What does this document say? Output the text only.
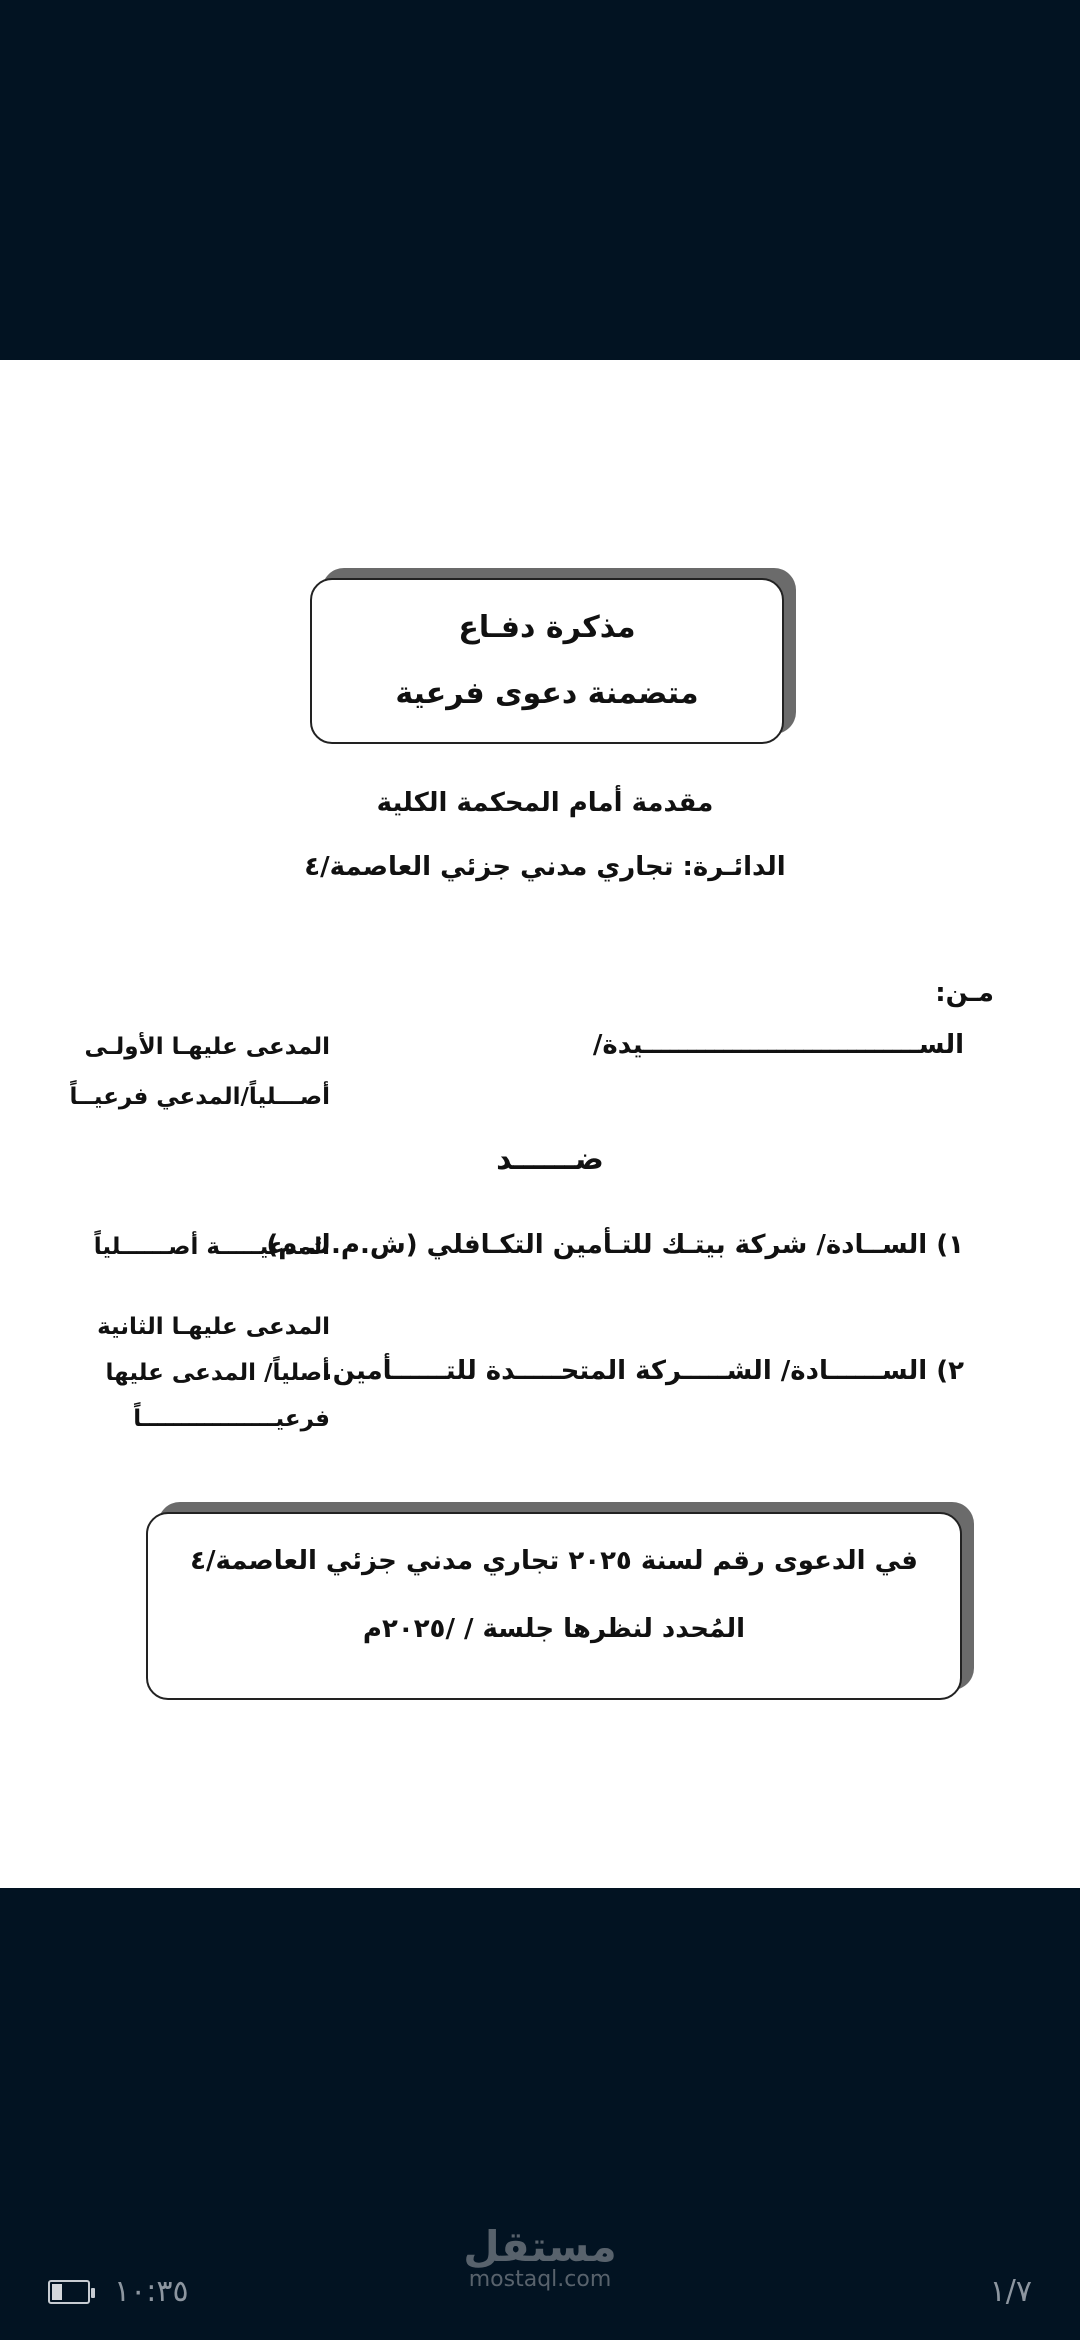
مذكرة دفـاع
متضمنة دعوى فرعية
مقدمة أمام المحكمة الكلية
الدائـرة: تجاري مدني جزئي العاصمة/٤
مـن:
الســـــــــــــــــــــــــــــــيدة/
المدعى عليهـا الأولـى
أصـــلياً/المدعي فرعيــاً
ضــــــد
١) الســادة/ شركة بيتـك للتـأمين التكـافلي (ش.م.ك.م)
المدعيـــــة أصــــــلياً
المدعى عليهـا الثانية
أصلياً/ المدعى عليها
فرعيـــــــــــــــــاً
٢) الســــــادة/ الشـــــركة المتحـــــدة للتــــــأمين.
في الدعوى رقم لسنة ٢٠٢٥ تجاري مدني جزئي العاصمة/٤
المُحدد لنظرها جلسة / /٢٠٢٥م
١٠:٣٥
مستقل
mostaql.com	١/٧
